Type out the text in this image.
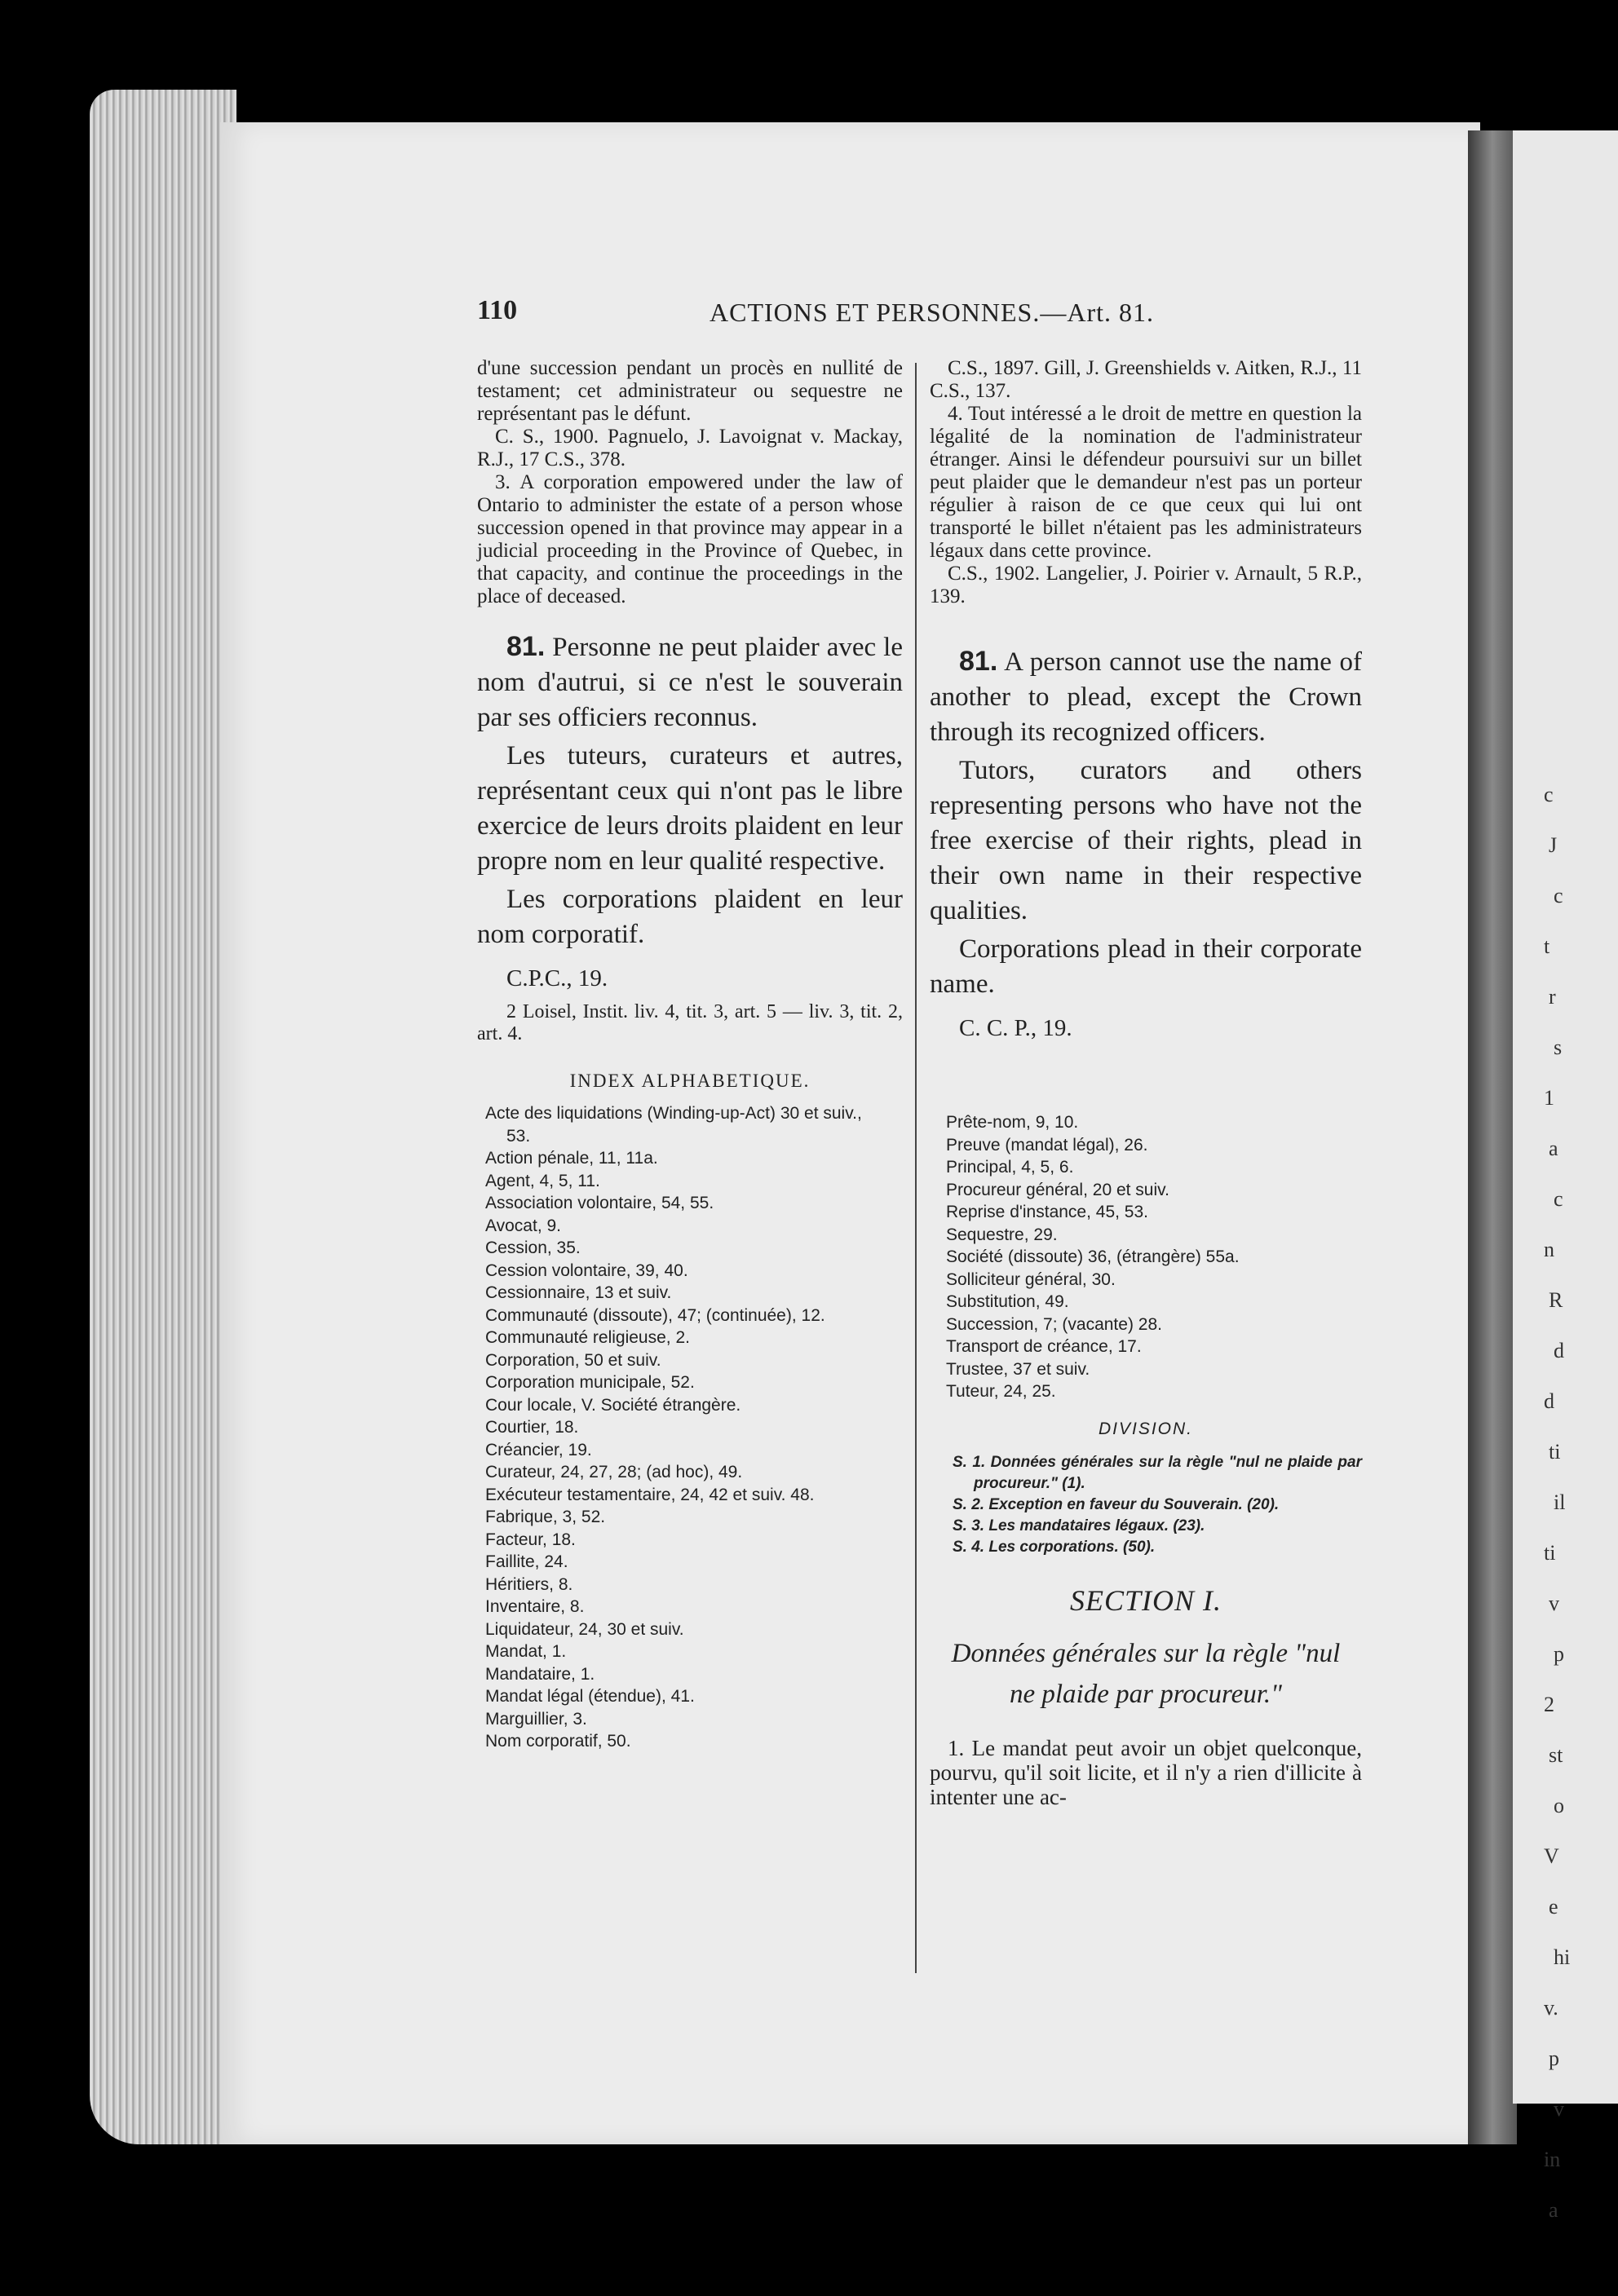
c
J
c
t
r
s
1
a
c
n
R
d
d
ti
il
ti
v
p
2
st
o
V
e
hi
v.
p
v
in
a
110	ACTIONS ET PERSONNES.—Art. 81.

d'une succession pendant un procès en nullité de testament; cet administrateur ou sequestre ne représentant pas le défunt.

C. S., 1900. Pagnuelo, J. Lavoignat v. Mackay, R.J., 17 C.S., 378.

3. A corporation empowered under the law of Ontario to administer the estate of a person whose succession opened in that province may appear in a judicial proceeding in the Province of Quebec, in that capacity, and continue the proceedings in the place of deceased.

81. Personne ne peut plaider avec le nom d'autrui, si ce n'est le souverain par ses officiers reconnus.

Les tuteurs, curateurs et autres, représentant ceux qui n'ont pas le libre exercice de leurs droits plaident en leur propre nom en leur qualité respective.

Les corporations plaident en leur nom corporatif.

C.P.C., 19.

2 Loisel, Instit. liv. 4, tit. 3, art. 5 — liv. 3, tit. 2, art. 4.

INDEX ALPHABETIQUE.
Acte des liquidations (Winding-up-Act) 30 et suiv., 53.
Action pénale, 11, 11a.
Agent, 4, 5, 11.
Association volontaire, 54, 55.
Avocat, 9.
Cession, 35.
Cession volontaire, 39, 40.
Cessionnaire, 13 et suiv.
Communauté (dissoute), 47; (continuée), 12.
Communauté religieuse, 2.
Corporation, 50 et suiv.
Corporation municipale, 52.
Cour locale, V. Société étrangère.
Courtier, 18.
Créancier, 19.
Curateur, 24, 27, 28; (ad hoc), 49.
Exécuteur testamentaire, 24, 42 et suiv. 48.
Fabrique, 3, 52.
Facteur, 18.
Faillite, 24.
Héritiers, 8.
Inventaire, 8.
Liquidateur, 24, 30 et suiv.
Mandat, 1.
Mandataire, 1.
Mandat légal (étendue), 41.
Marguillier, 3.
Nom corporatif, 50.

C.S., 1897. Gill, J. Greenshields v. Aitken, R.J., 11 C.S., 137.

4. Tout intéressé a le droit de mettre en question la légalité de la nomination de l'administrateur étranger. Ainsi le défendeur poursuivi sur un billet peut plaider que le demandeur n'est pas un porteur régulier à raison de ce que ceux qui lui ont transporté le billet n'étaient pas les administrateurs légaux dans cette province.

C.S., 1902. Langelier, J. Poirier v. Arnault, 5 R.P., 139.

81. A person cannot use the name of another to plead, except the Crown through its recognized officers.

Tutors, curators and others representing persons who have not the free exercise of their rights, plead in their own name in their respective qualities.

Corporations plead in their corporate name.

C. C. P., 19.

Prête-nom, 9, 10.
Preuve (mandat légal), 26.
Principal, 4, 5, 6.
Procureur général, 20 et suiv.
Reprise d'instance, 45, 53.
Sequestre, 29.
Société (dissoute) 36, (étrangère) 55a.
Solliciteur général, 30.
Substitution, 49.
Succession, 7; (vacante) 28.
Transport de créance, 17.
Trustee, 37 et suiv.
Tuteur, 24, 25.
DIVISION.
S. 1. Données générales sur la règle "nul ne plaide par procureur." (1).
S. 2. Exception en faveur du Souverain. (20).
S. 3. Les mandataires légaux. (23).
S. 4. Les corporations. (50).
SECTION I.
Données générales sur la règle "nul
ne plaide par procureur."

1. Le mandat peut avoir un objet quelconque, pourvu, qu'il soit licite, et il n'y a rien d'illicite à intenter une ac-
